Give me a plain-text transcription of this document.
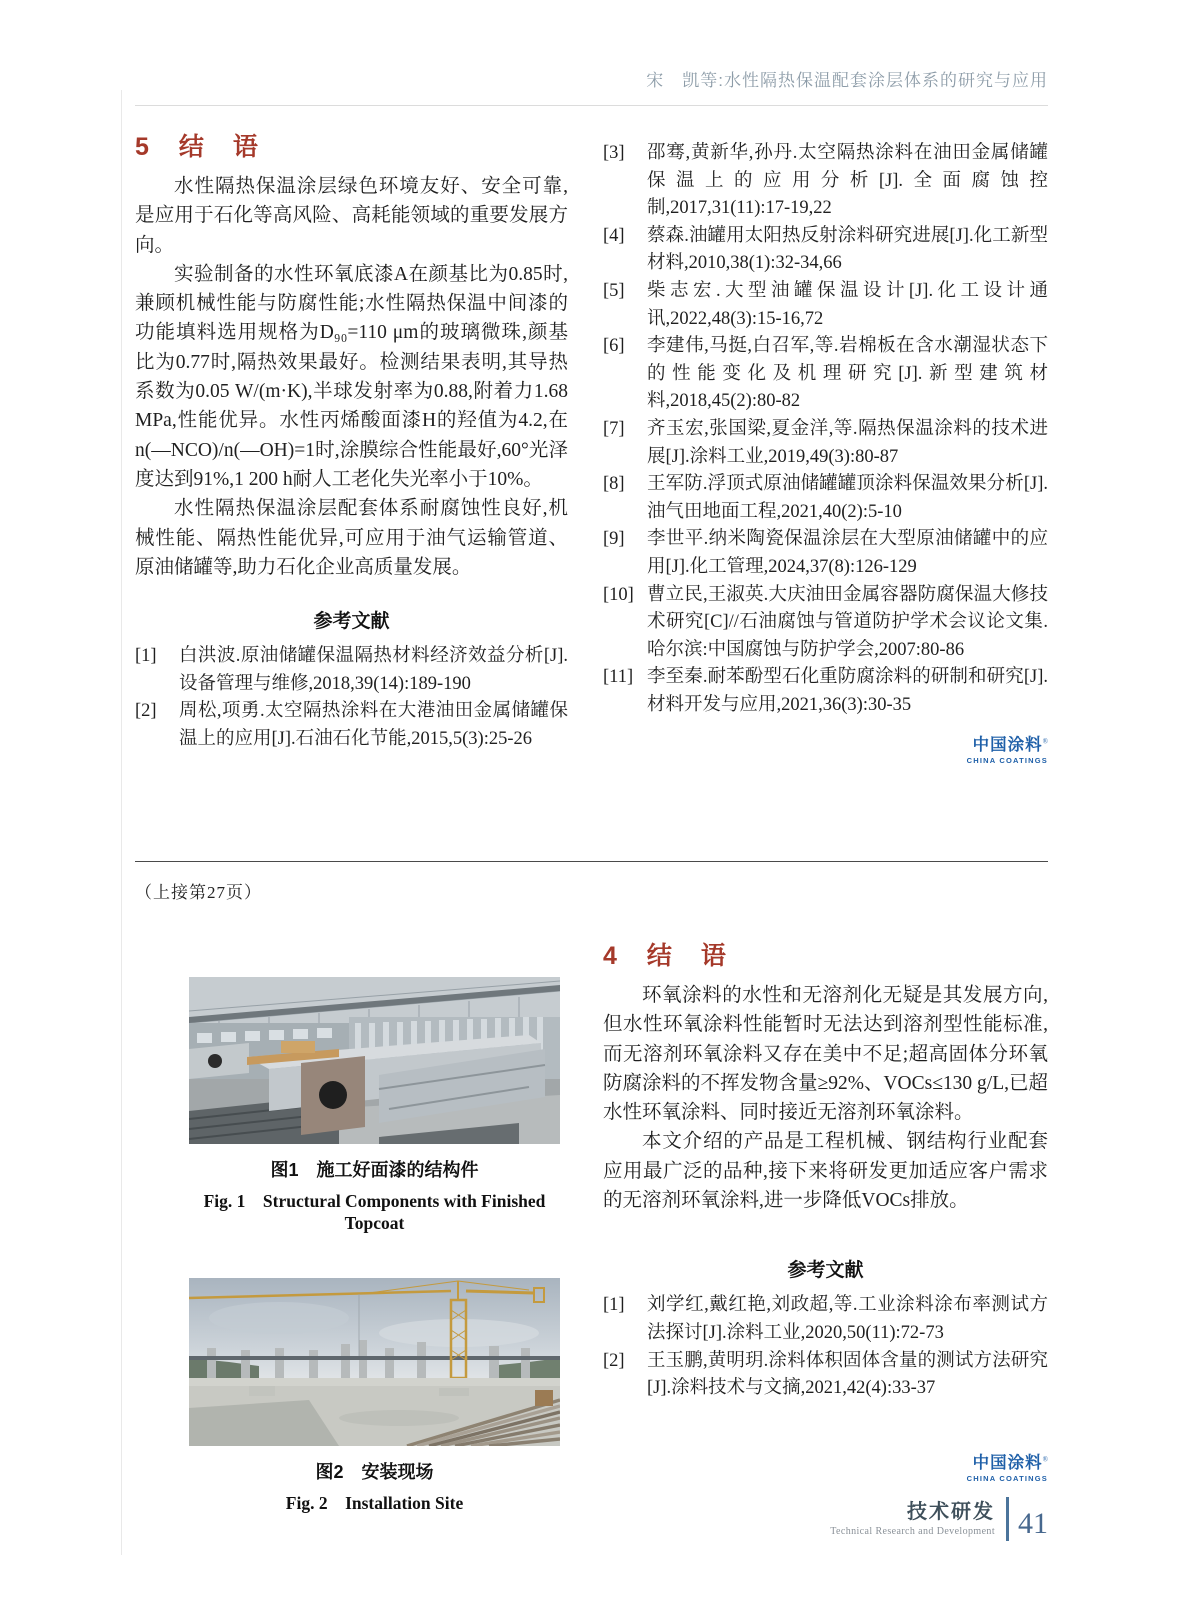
宋　凯等:水性隔热保温配套涂层体系的研究与应用
5 结　语

水性隔热保温涂层绿色环境友好、安全可靠,是应用于石化等高风险、高耗能领域的重要发展方向。

实验制备的水性环氧底漆A在颜基比为0.85时,兼顾机械性能与防腐性能;水性隔热保温中间漆的功能填料选用规格为D₉₀=110 μm的玻璃微珠,颜基比为0.77时,隔热效果最好。检测结果表明,其导热系数为0.05 W/(m·K),半球发射率为0.88,附着力1.68 MPa,性能优异。水性丙烯酸面漆H的羟值为4.2,在n(—NCO)/n(—OH)=1时,涂膜综合性能最好,60°光泽度达到91%,1 200 h耐人工老化失光率小于10%。

水性隔热保温涂层配套体系耐腐蚀性良好,机械性能、隔热性能优异,可应用于油气运输管道、原油储罐等,助力石化企业高质量发展。

参考文献
[1]	白洪波.原油储罐保温隔热材料经济效益分析[J].设备管理与维修,2018,39(14):189-190
[2]	周松,项勇.太空隔热涂料在大港油田金属储罐保温上的应用[J].石油石化节能,2015,5(3):25-26
[3]	邵骞,黄新华,孙丹.太空隔热涂料在油田金属储罐保温上的应用分析[J].全面腐蚀控制,2017,31(11):17-19,22
[4]	蔡森.油罐用太阳热反射涂料研究进展[J].化工新型材料,2010,38(1):32-34,66
[5]	柴志宏.大型油罐保温设计[J].化工设计通讯,2022,48(3):15-16,72
[6]	李建伟,马挺,白召军,等.岩棉板在含水潮湿状态下的性能变化及机理研究[J].新型建筑材料,2018,45(2):80-82
[7]	齐玉宏,张国梁,夏金洋,等.隔热保温涂料的技术进展[J].涂料工业,2019,49(3):80-87
[8]	王军防.浮顶式原油储罐罐顶涂料保温效果分析[J].油气田地面工程,2021,40(2):5-10
[9]	李世平.纳米陶瓷保温涂层在大型原油储罐中的应用[J].化工管理,2024,37(8):126-129
[10] 曹立民,王淑英.大庆油田金属容器防腐保温大修技术研究[C]//石油腐蚀与管道防护学术会议论文集.哈尔滨:中国腐蚀与防护学会,2007:80-86
[11] 李至秦.耐苯酚型石化重防腐涂料的研制和研究[J].材料开发与应用,2021,36(3):30-35
中国涂料®
CHINA COATINGS
（上接第27页）
图1　施工好面漆的结构件
Fig. 1　Structural Components with Finished Topcoat
图2　安装现场
Fig. 2　Installation Site
4 结　语

环氧涂料的水性和无溶剂化无疑是其发展方向,但水性环氧涂料性能暂时无法达到溶剂型性能标准,而无溶剂环氧涂料又存在美中不足;超高固体分环氧防腐涂料的不挥发物含量≥92%、VOCs≤130 g/L,已超水性环氧涂料、同时接近无溶剂环氧涂料。

本文介绍的产品是工程机械、钢结构行业配套应用最广泛的品种,接下来将研发更加适应客户需求的无溶剂环氧涂料,进一步降低VOCs排放。

参考文献
[1]	刘学红,戴红艳,刘政超,等.工业涂料涂布率测试方法探讨[J].涂料工业,2020,50(11):72-73
[2]	王玉鹏,黄明玥.涂料体积固体含量的测试方法研究[J].涂料技术与文摘,2021,42(4):33-37
中国涂料®
CHINA COATINGS
技术研发
Technical Research and Development 41
